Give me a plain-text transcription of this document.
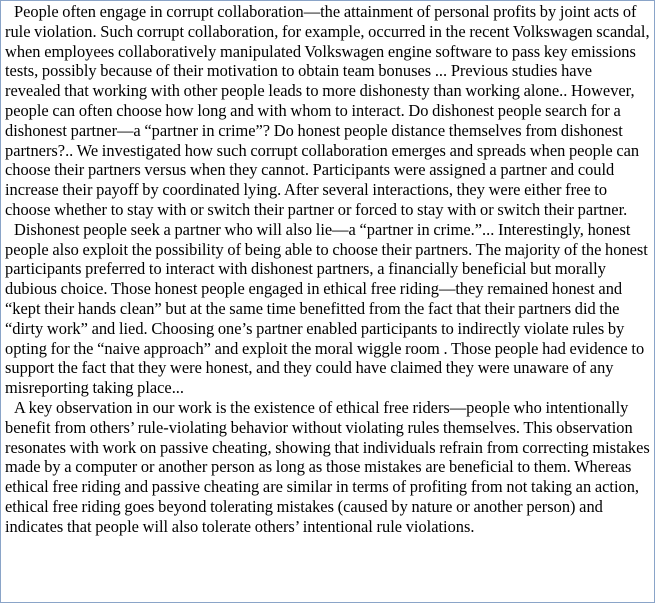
People often engage in corrupt collaboration—the attainment of personal profits by joint acts of rule violation. Such corrupt collaboration, for example, occurred in the recent Volkswagen scandal, when employees collaboratively manipulated Volkswagen engine software to pass key emissions tests, possibly because of their motivation to obtain team bonuses ... Previous studies have revealed that working with other people leads to more dishonesty than working alone.. However, people can often choose how long and with whom to interact. Do dishonest people search for a dishonest partner—a “partner in crime”? Do honest people distance themselves from dishonest partners?.. We investigated how such corrupt collaboration emerges and spreads when people can choose their partners versus when they cannot. Participants were assigned a partner and could increase their payoff by coordinated lying. After several interactions, they were either free to choose whether to stay with or switch their partner or forced to stay with or switch their partner.

Dishonest people seek a partner who will also lie—a “partner in crime.”... Interestingly, honest people also exploit the possibility of being able to choose their partners. The majority of the honest participants preferred to interact with dishonest partners, a financially beneficial but morally dubious choice. Those honest people engaged in ethical free riding—they remained honest and “kept their hands clean” but at the same time benefitted from the fact that their partners did the “dirty work” and lied. Choosing one’s partner enabled participants to indirectly violate rules by opting for the “naive approach” and exploit the moral wiggle room . Those people had evidence to support the fact that they were honest, and they could have claimed they were unaware of any misreporting taking place...

A key observation in our work is the existence of ethical free riders—people who intentionally benefit from others’ rule-violating behavior without violating rules themselves. This observation resonates with work on passive cheating, showing that individuals refrain from correcting mistakes made by a computer or another person as long as those mistakes are beneficial to them. Whereas ethical free riding and passive cheating are similar in terms of profiting from not taking an action, ethical free riding goes beyond tolerating mistakes (caused by nature or another person) and indicates that people will also tolerate others’ intentional rule violations.
